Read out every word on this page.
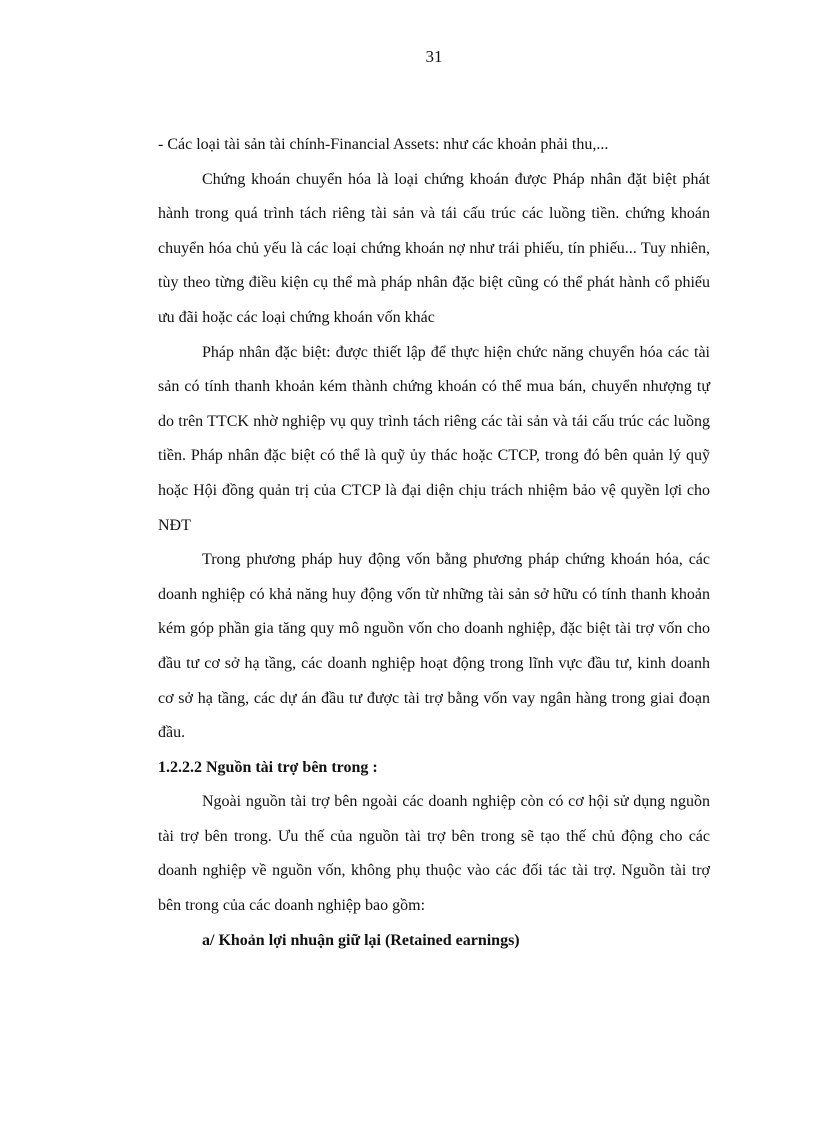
31

- Các loại tài sản tài chính-Financial Assets: như các khoản phải thu,...

Chứng khoán chuyển hóa là loại chứng khoán được Pháp nhân đặt biệt phát hành trong quá trình tách riêng tài sản và tái cấu trúc các luồng tiền. chứng khoán chuyển hóa chủ yếu là các loại chứng khoán nợ như trái phiếu, tín phiếu... Tuy nhiên, tùy theo từng điều kiện cụ thể mà pháp nhân đặc biệt cũng có thể phát hành cổ phiếu ưu đãi hoặc các loại chứng khoán vốn khác

Pháp nhân đặc biệt: được thiết lập để thực hiện chức năng chuyển hóa các tài sản có tính thanh khoản kém thành chứng khoán có thể mua bán, chuyển nhượng tự do trên TTCK nhờ nghiệp vụ quy trình tách riêng các tài sản và tái cấu trúc các luồng tiền. Pháp nhân đặc biệt có thể là quỹ ủy thác hoặc CTCP, trong đó bên quản lý quỹ hoặc Hội đồng quản trị của CTCP là đại diện chịu trách nhiệm bảo vệ quyền lợi cho NĐT

Trong phương pháp huy động vốn bằng phương pháp chứng khoán hóa, các doanh nghiệp có khả năng huy động vốn từ những tài sản sở hữu có tính thanh khoản kém góp phần gia tăng quy mô nguồn vốn cho doanh nghiệp, đặc biệt tài trợ vốn cho đầu tư cơ sở hạ tầng, các doanh nghiệp hoạt động trong lĩnh vực đầu tư, kinh doanh cơ sở hạ tầng, các dự án đầu tư được tài trợ bằng vốn vay ngân hàng trong giai đoạn đầu.

1.2.2.2 Nguồn tài trợ bên trong :

Ngoài nguồn tài trợ bên ngoài các doanh nghiệp còn có cơ hội sử dụng nguồn tài trợ bên trong. Ưu thế của nguồn tài trợ bên trong sẽ tạo thế chủ động cho các doanh nghiệp về nguồn vốn, không phụ thuộc vào các đối tác tài trợ. Nguồn tài trợ bên trong của các doanh nghiệp bao gồm:

a/ Khoản lợi nhuận giữ lại (Retained earnings)
